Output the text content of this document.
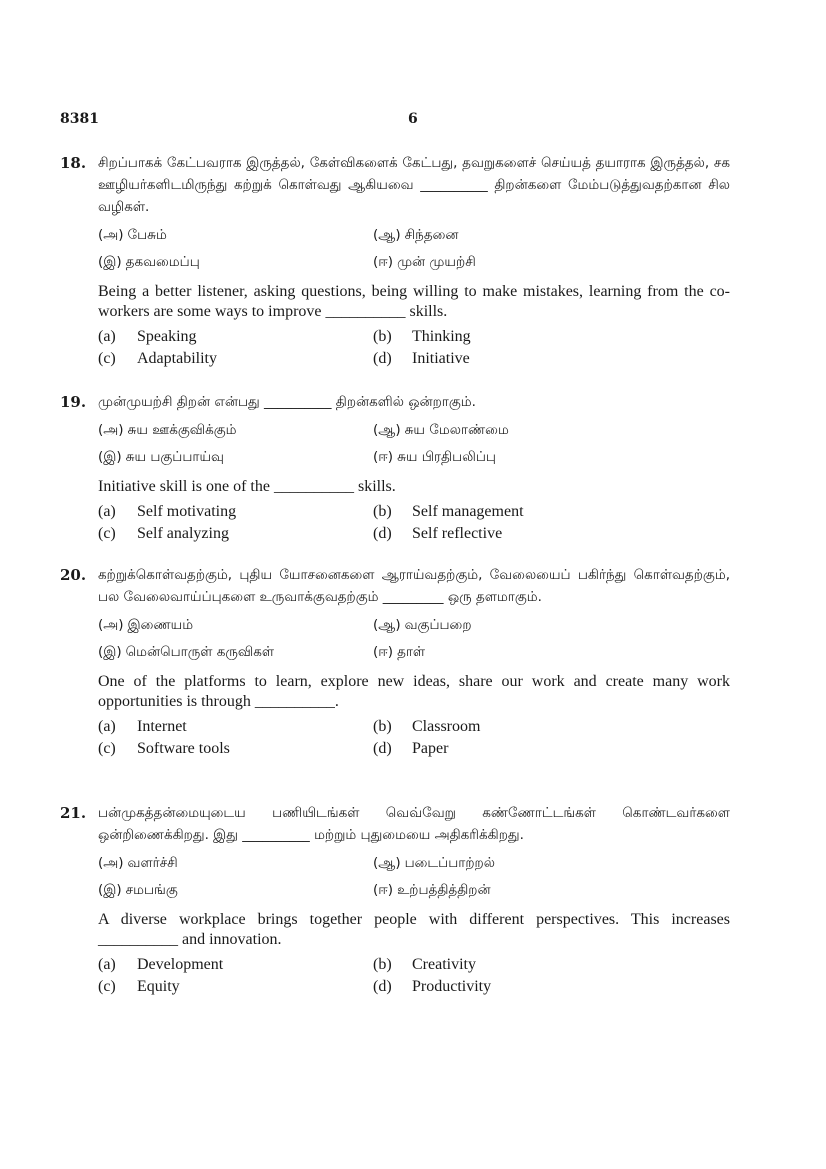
8381	6
18. சிறப்பாகக் கேட்பவராக இருத்தல், கேள்விகளைக் கேட்பது, தவறுகளைச் செய்யத் தயாராக இருத்தல், சக ஊழியர்களிடமிருந்து கற்றுக் கொள்வது ஆகியவை __________ திறன்களை மேம்படுத்துவதற்கான சில வழிகள்.

(அ) பேசும்	(ஆ) சிந்தனை
(இ) தகவமைப்பு	(ஈ) முன் முயற்சி

Being a better listener, asking questions, being willing to make mistakes, learning from the co-workers are some ways to improve __________ skills.

(a)	Speaking	(b)	Thinking
(c)	Adaptability	(d)	Initiative
19. முன்முயற்சி திறன் என்பது __________ திறன்களில் ஒன்றாகும்.

(அ) சுய ஊக்குவிக்கும்	(ஆ) சுய மேலாண்மை
(இ) சுய பகுப்பாய்வு	(ஈ) சுய பிரதிபலிப்பு

Initiative skill is one of the __________ skills.

(a)	Self motivating	(b)	Self management
(c)	Self analyzing	(d)	Self reflective
20. கற்றுக்கொள்வதற்கும், புதிய யோசனைகளை ஆராய்வதற்கும், வேலையைப் பகிர்ந்து கொள்வதற்கும், பல வேலைவாய்ப்புகளை உருவாக்குவதற்கும் _________ ஒரு தளமாகும்.

(அ) இணையம்	(ஆ) வகுப்பறை
(இ) மென்பொருள் கருவிகள்	(ஈ) தாள்

One of the platforms to learn, explore new ideas, share our work and create many work opportunities is through __________.

(a)	Internet	(b)	Classroom
(c)	Software tools	(d)	Paper
21. பன்முகத்தன்மையுடைய பணியிடங்கள் வெவ்வேறு கண்ணோட்டங்கள் கொண்டவர்களை ஒன்றிணைக்கிறது. இது __________ மற்றும் புதுமையை அதிகரிக்கிறது.

(அ) வளர்ச்சி	(ஆ) படைப்பாற்றல்
(இ) சமபங்கு	(ஈ) உற்பத்தித்திறன்

A diverse workplace brings together people with different perspectives. This increases __________ and innovation.

(a)	Development	(b)	Creativity
(c)	Equity	(d)	Productivity
